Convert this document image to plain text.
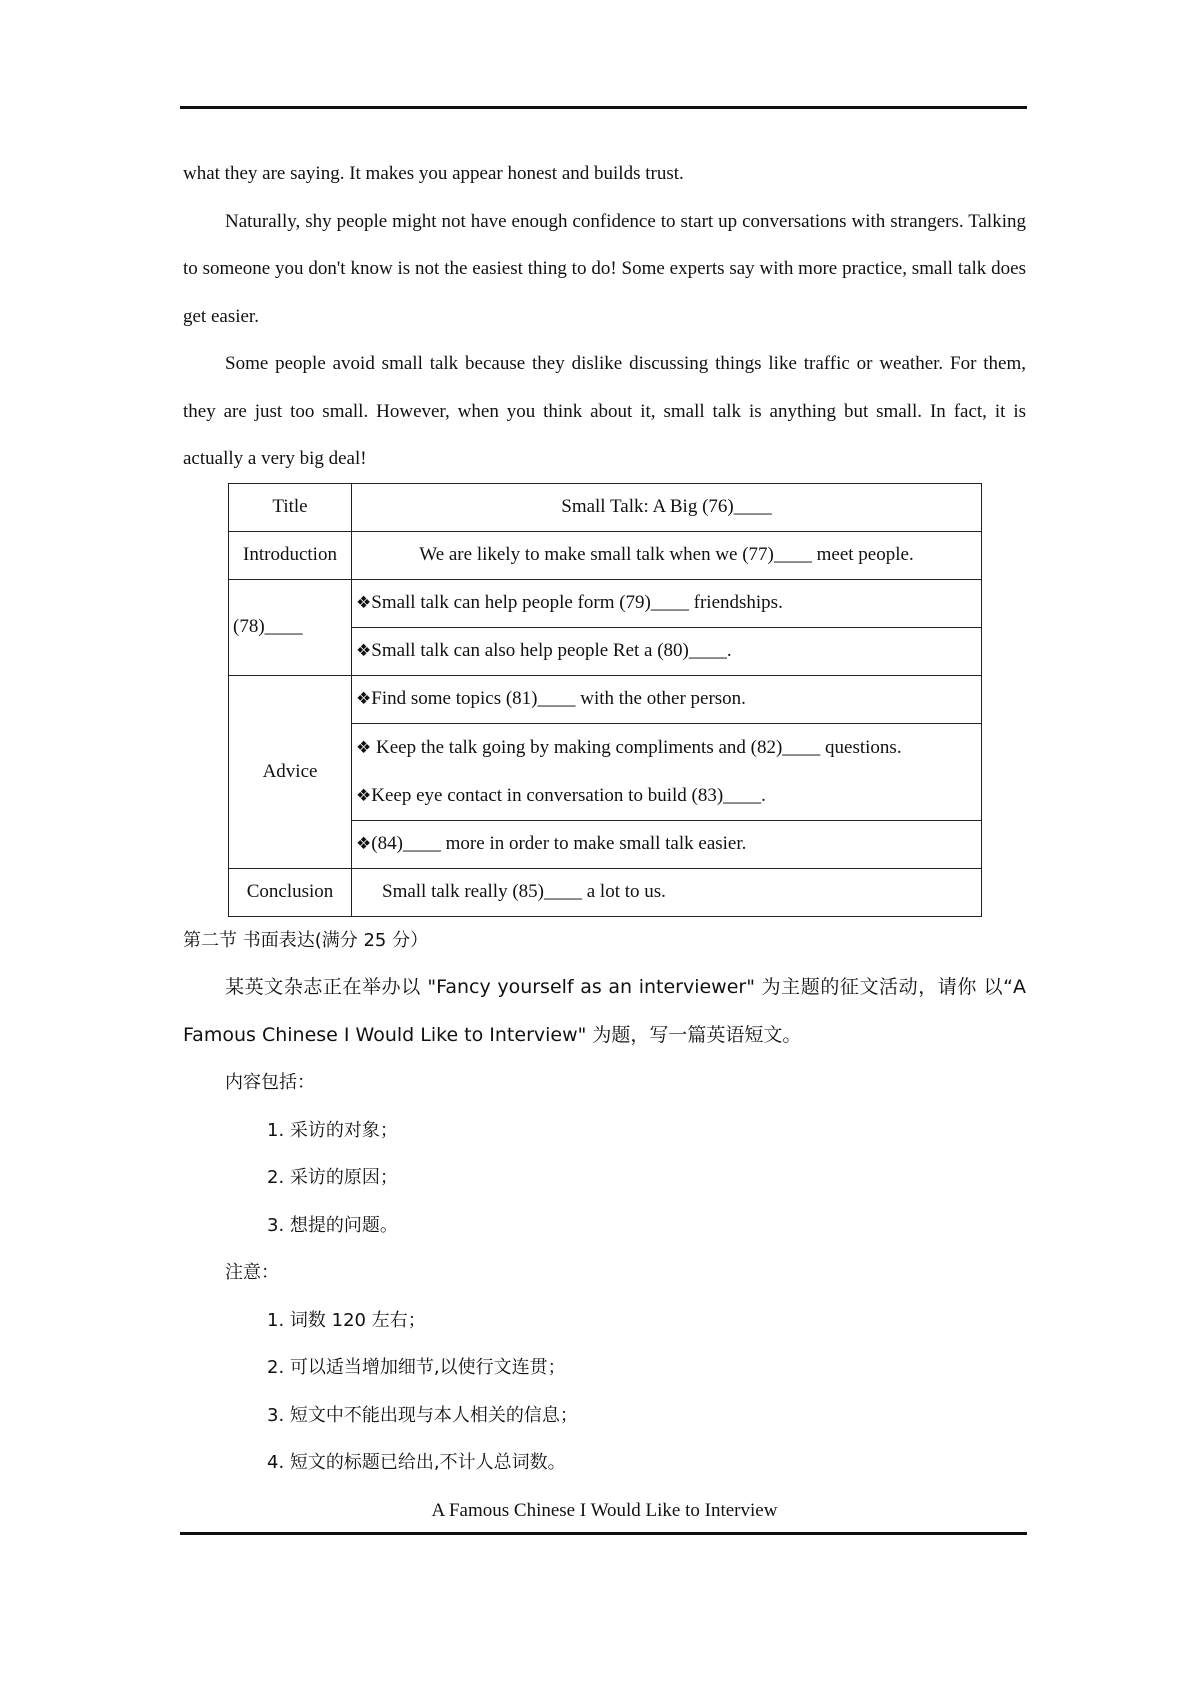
what they are saying. It makes you appear honest and builds trust.

Naturally, shy people might not have enough confidence to start up conversations with strangers. Talking to someone you don't know is not the easiest thing to do! Some experts say with more practice, small talk does get easier.

Some people avoid small talk because they dislike discussing things like traffic or weather. For them, they are just too small. However, when you think about it, small talk is anything but small. In fact, it is actually a very big deal!

Title	Small Talk: A Big (76)____
Introduction	We are likely to make small talk when we (77)____ meet people.
(78)____	❖Small talk can help people form (79)____ friendships.
	❖Small talk can also help people Ret a (80)____.
Advice	❖Find some topics (81)____ with the other person.

	❖ Keep the talk going by making compliments and (82)____ questions.
❖Keep eye contact in conversation to build (83)____.

	❖(84)____ more in order to make small talk easier.
Conclusion	Small talk really (85)____ a lot to us.

第二节 书面表达(满分 25 分）

某英文杂志正在举办以 "Fancy yourself as an interviewer" 为主题的征文活动，请你 以“A Famous Chinese I Would Like to Interview" 为题，写一篇英语短文。

内容包括：
1. 采访的对象；
2. 采访的原因；
3. 想提的问题。
注意：
1. 词数 120 左右；
2. 可以适当增加细节,以使行文连贯；
3. 短文中不能出现与本人相关的信息；
4. 短文的标题已给出,不计人总词数。
A Famous Chinese I Would Like to Interview
